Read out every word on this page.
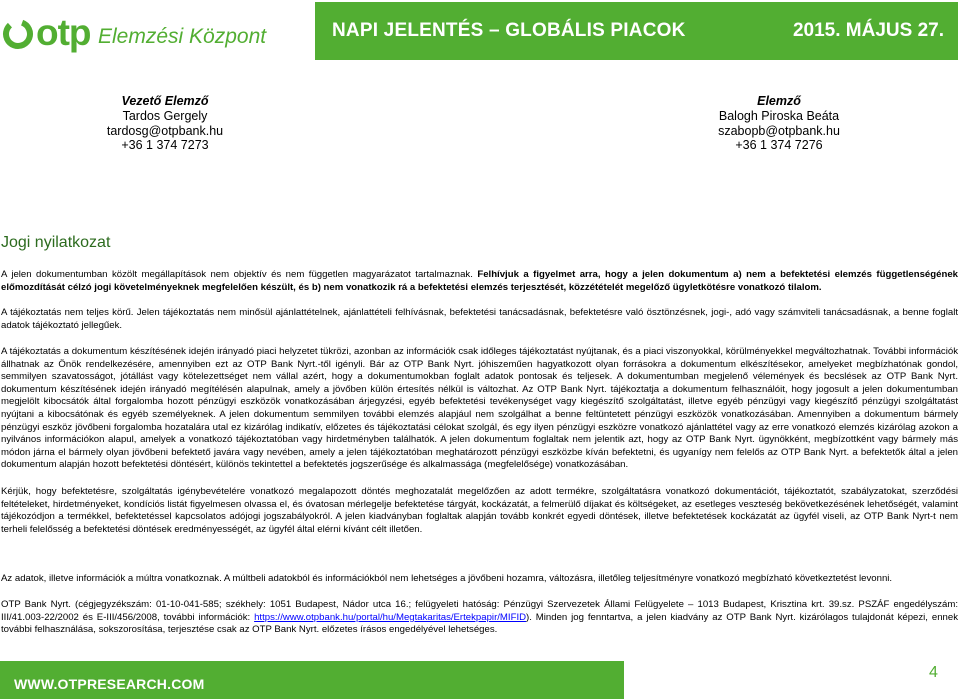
otp Elemzési Központ	NAPI JELENTÉS – GLOBÁLIS PIACOK	2015. MÁJUS 27.
Vezető Elemző
Tardos Gergely
tardosg@otpbank.hu
+36 1 374 7273
Elemző
Balogh Piroska Beáta
szabopb@otpbank.hu
+36 1 374 7276
Jogi nyilatkozat

A jelen dokumentumban közölt megállapítások nem objektív és nem független magyarázatot tartalmaznak. Felhívjuk a figyelmet arra, hogy a jelen dokumentum a) nem a befektetési elemzés függetlenségének előmozdítását célzó jogi követelményeknek megfelelően készült, és b) nem vonatkozik rá a befektetési elemzés terjesztését, közzétételét megelőző ügyletkötésre vonatkozó tilalom.

A tájékoztatás nem teljes körű. Jelen tájékoztatás nem minősül ajánlattételnek, ajánlattételi felhívásnak, befektetési tanácsadásnak, befektetésre való ösztönzésnek, jogi-, adó vagy számviteli tanácsadásnak, a benne foglalt adatok tájékoztató jellegűek.

A tájékoztatás a dokumentum készítésének idején irányadó piaci helyzetet tükrözi, azonban az információk csak időleges tájékoztatást nyújtanak, és a piaci viszonyokkal, körülményekkel megváltozhatnak. További információk állhatnak az Önök rendelkezésére, amennyiben ezt az OTP Bank Nyrt.-től igényli. Bár az OTP Bank Nyrt. jóhiszeműen hagyatkozott olyan forrásokra a dokumentum elkészítésekor, amelyeket megbízhatónak gondol, semmilyen szavatosságot, jótállást vagy kötelezettséget nem vállal azért, hogy a dokumentumokban foglalt adatok pontosak és teljesek. A dokumentumban megjelenő vélemények és becslések az OTP Bank Nyrt. dokumentum készítésének idején irányadó megítélésén alapulnak, amely a jövőben külön értesítés nélkül is változhat. Az OTP Bank Nyrt. tájékoztatja a dokumentum felhasználóit, hogy jogosult a jelen dokumentumban megjelölt kibocsátók által forgalomba hozott pénzügyi eszközök vonatkozásában árjegyzési, egyéb befektetési tevékenységet vagy kiegészítő szolgáltatást, illetve egyéb pénzügyi vagy kiegészítő pénzügyi szolgáltatást nyújtani a kibocsátónak és egyéb személyeknek. A jelen dokumentum semmilyen további elemzés alapjául nem szolgálhat a benne feltüntetett pénzügyi eszközök vonatkozásában. Amennyiben a dokumentum bármely pénzügyi eszköz jövőbeni forgalomba hozatalára utal ez kizárólag indikatív, előzetes és tájékoztatási célokat szolgál, és egy ilyen pénzügyi eszközre vonatkozó ajánlattétel vagy az erre vonatkozó elemzés kizárólag azokon a nyilvános információkon alapul, amelyek a vonatkozó tájékoztatóban vagy hirdetményben találhatók. A jelen dokumentum foglaltak nem jelentik azt, hogy az OTP Bank Nyrt. ügynökként, megbízottként vagy bármely más módon járna el bármely olyan jövőbeni befektető javára vagy nevében, amely a jelen tájékoztatóban meghatározott pénzügyi eszközbe kíván befektetni, és ugyanígy nem felelős az OTP Bank Nyrt. a befektetők által a jelen dokumentum alapján hozott befektetési döntésért, különös tekintettel a befektetés jogszerűsége és alkalmassága (megfelelősége) vonatkozásában.

Kérjük, hogy befektetésre, szolgáltatás igénybevételére vonatkozó megalapozott döntés meghozatalát megelőzően az adott termékre, szolgáltatásra vonatkozó dokumentációt, tájékoztatót, szabályzatokat, szerződési feltételeket, hirdetményeket, kondíciós listát figyelmesen olvassa el, és óvatosan mérlegelje befektetése tárgyát, kockázatát, a felmerülő díjakat és költségeket, az esetleges veszteség bekövetkezésének lehetőségét, valamint tájékozódjon a termékkel, befektetéssel kapcsolatos adójogi jogszabályokról. A jelen kiadványban foglaltak alapján tovább konkrét egyedi döntések, illetve befektetések kockázatát az ügyfél viseli, az OTP Bank Nyrt-t nem terheli felelősség a befektetési döntések eredményességét, az ügyfél által elérni kívánt célt illetően.

Az adatok, illetve információk a múltra vonatkoznak. A múltbeli adatokból és információkból nem lehetséges a jövőbeni hozamra, változásra, illetőleg teljesítményre vonatkozó megbízható következtetést levonni.

OTP Bank Nyrt. (cégjegyzékszám: 01-10-041-585; székhely: 1051 Budapest, Nádor utca 16.; felügyeleti hatóság: Pénzügyi Szervezetek Állami Felügyelete – 1013 Budapest, Krisztina krt. 39.sz. PSZÁF engedélyszám: III/41.003-22/2002 és E-III/456/2008, további információk: https://www.otpbank.hu/portal/hu/Megtakaritas/Ertekpapir/MIFID). Minden jog fenntartva, a jelen kiadvány az OTP Bank Nyrt. kizárólagos tulajdonát képezi, ennek további felhasználása, sokszorosítása, terjesztése csak az OTP Bank Nyrt. előzetes írásos engedélyével lehetséges.

WWW.OTPRESEARCH.COM
4
